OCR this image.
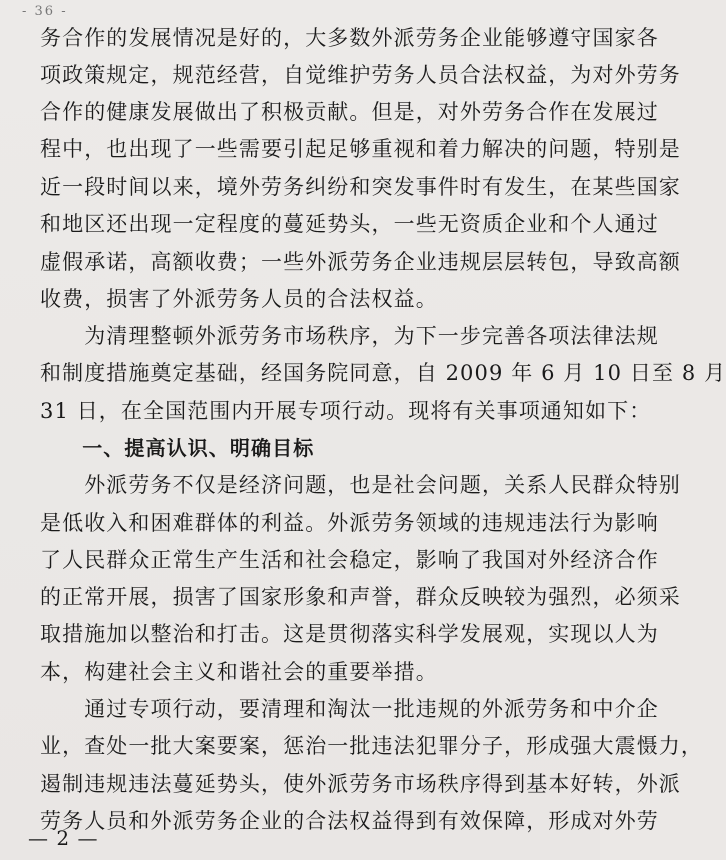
- 36 -
务合作的发展情况是好的，大多数外派劳务企业能够遵守国家各
项政策规定，规范经营，自觉维护劳务人员合法权益，为对外劳务
合作的健康发展做出了积极贡献。但是，对外劳务合作在发展过
程中，也出现了一些需要引起足够重视和着力解决的问题，特别是
近一段时间以来，境外劳务纠纷和突发事件时有发生，在某些国家
和地区还出现一定程度的蔓延势头，一些无资质企业和个人通过
虚假承诺，高额收费；一些外派劳务企业违规层层转包，导致高额
收费，损害了外派劳务人员的合法权益。
　　为清理整顿外派劳务市场秩序，为下一步完善各项法律法规
和制度措施奠定基础，经国务院同意，自 2009 年 6 月 10 日至 8 月
31 日，在全国范围内开展专项行动。现将有关事项通知如下：
　　一、提高认识、明确目标
　　外派劳务不仅是经济问题，也是社会问题，关系人民群众特别
是低收入和困难群体的利益。外派劳务领域的违规违法行为影响
了人民群众正常生产生活和社会稳定，影响了我国对外经济合作
的正常开展，损害了国家形象和声誉，群众反映较为强烈，必须采
取措施加以整治和打击。这是贯彻落实科学发展观，实现以人为
本，构建社会主义和谐社会的重要举措。
　　通过专项行动，要清理和淘汰一批违规的外派劳务和中介企
业，查处一批大案要案，惩治一批违法犯罪分子，形成强大震慑力，
遏制违规违法蔓延势头，使外派劳务市场秩序得到基本好转，外派
劳务人员和外派劳务企业的合法权益得到有效保障，形成对外劳
— 2 —
